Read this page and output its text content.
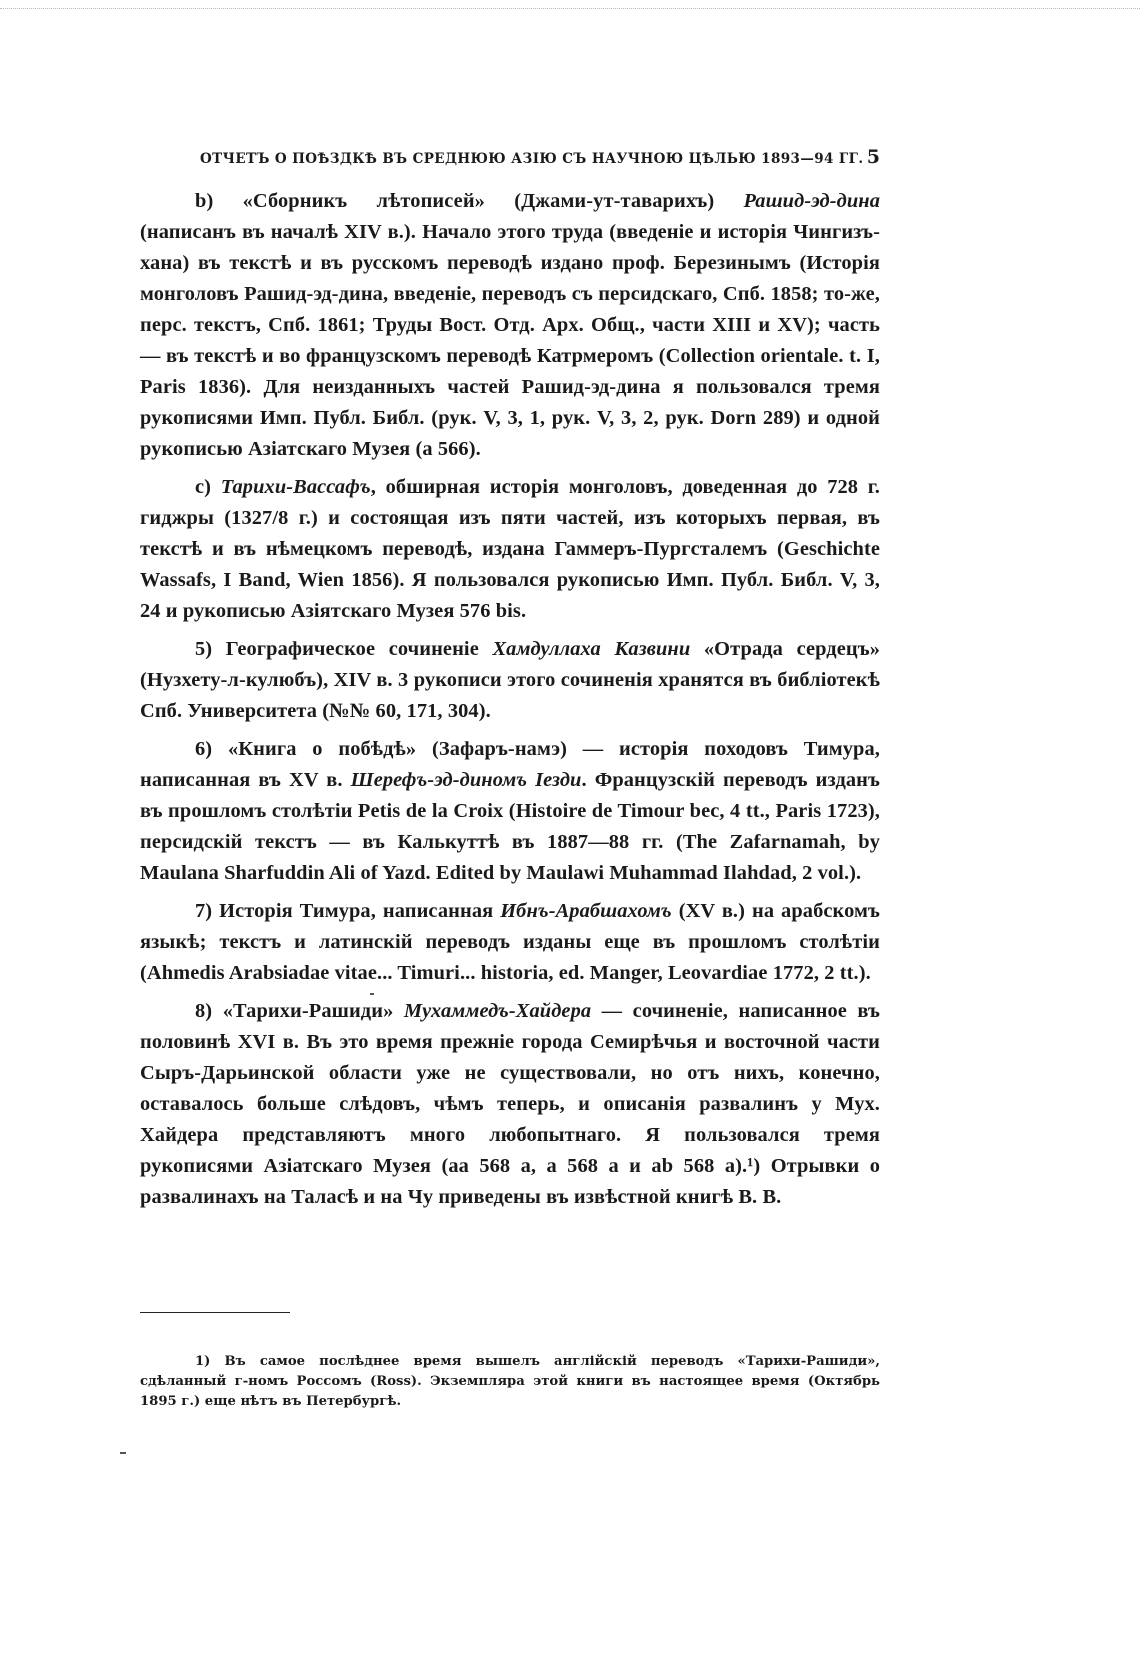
ОТЧЕТЪ О ПОѢЗДКѢ ВЪ СРЕДНЮЮ АЗІЮ СЪ НАУЧНОЮ ЦѢЛЬЮ 1893—94 ГГ. 5

b) «Сборникъ лѣтописей» (Джами-ут-таварихъ) Рашид-эд-дина (написанъ въ началѣ XIV в.). Начало этого труда (введеніе и исторія Чингизъ-хана) въ текстѣ и въ русскомъ переводѣ издано проф. Березинымъ (Исторія монголовъ Рашид-эд-дина, введеніе, переводъ съ персидскаго, Спб. 1858; то-же, перс. текстъ, Спб. 1861; Труды Вост. Отд. Арх. Общ., части XIII и XV); часть — въ текстѣ и во французскомъ переводѣ Катрмеромъ (Collection orientale. t. I, Paris 1836). Для неизданныхъ частей Рашид-эд-дина я пользовался тремя рукописями Имп. Публ. Библ. (рук. V, 3, 1, рук. V, 3, 2, рук. Dorn 289) и одной рукописью Азіатскаго Музея (a 566).

c) Тарихи-Вассафъ, обширная исторія монголовъ, доведенная до 728 г. гиджры (1327/8 г.) и состоящая изъ пяти частей, изъ которыхъ первая, въ текстѣ и въ нѣмецкомъ переводѣ, издана Гаммеръ-Пургсталемъ (Geschichte Wassafs, I Band, Wien 1856). Я пользовался рукописью Имп. Публ. Библ. V, 3, 24 и рукописью Азіятскаго Музея 576 bis.

5) Географическое сочиненіе Хамдуллаха Казвини «Отрада сердецъ» (Нузхету-л-кулюбъ), XIV в. 3 рукописи этого сочиненія хранятся въ библіотекѣ Спб. Университета (№№ 60, 171, 304).

6) «Книга о побѣдѣ» (Зафаръ-намэ) — исторія походовъ Тимура, написанная въ XV в. Шерефъ-эд-диномъ Іезди. Французскій переводъ изданъ въ прошломъ столѣтіи Petis de la Croix (Histoire de Timour bec, 4 tt., Paris 1723), персидскій текстъ — въ Калькуттѣ въ 1887—88 гг. (The Zafarnamah, by Maulana Sharfuddin Ali of Yazd. Edited by Maulawi Muhammad Ilahdad, 2 vol.).

7) Исторія Тимура, написанная Ибнъ-Арабшахомъ (XV в.) на арабскомъ языкѣ; текстъ и латинскій переводъ изданы еще въ прошломъ столѣтіи (Ahmedis Arabsiadae vitae... Timuri... historia, ed. Manger, Leovardiae 1772, 2 tt.).

8) «Тарихи-Рашиди» Мухаммедъ-Хайдера — сочиненіе, написанное въ половинѣ XVI в. Въ это время прежніе города Семирѣчья и восточной части Сыръ-Дарьинской области уже не существовали, но отъ нихъ, конечно, оставалось больше слѣдовъ, чѣмъ теперь, и описанія развалинъ у Мух. Хайдера представляютъ много любопытнаго. Я пользовался тремя рукописями Азіатскаго Музея (aa 568 a, a 568 a и ab 568 a).¹) Отрывки о развалинахъ на Таласѣ и на Чу приведены въ извѣстной книгѣ В. В.

1) Въ самое послѣднее время вышелъ англійскій переводъ «Тарихи-Рашиди», сдѣланный г-номъ Россомъ (Ross). Экземпляра этой книги въ настоящее время (Октябрь 1895 г.) еще нѣтъ въ Петербургѣ.
